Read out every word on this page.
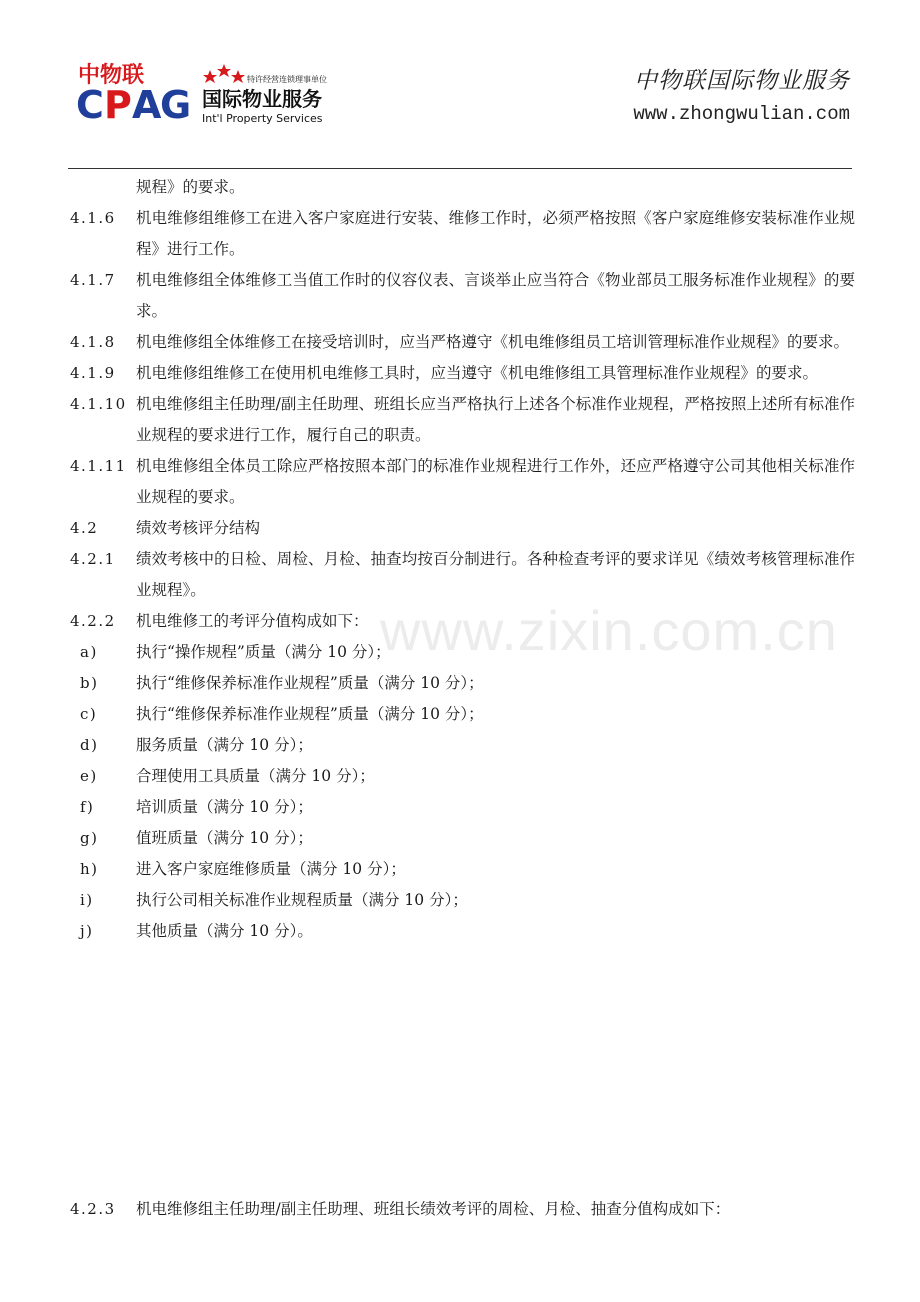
中物联	特许经营连锁理事单位
C P A
G 国际物业服务
Int'l Property Services
中物联国际物业服务
www.zhongwulian.com
www.zixin.com.cn
规程》的要求。
4.1.6	机电维修组维修工在进入客户家庭进行安装、维修工作时，必须严格按照《客户家庭维修安装标准作业规程》进行工作。
4.1.7	机电维修组全体维修工当值工作时的仪容仪表、言谈举止应当符合《物业部员工服务标准作业规程》的要求。
4.1.8	机电维修组全体维修工在接受培训时，应当严格遵守《机电维修组员工培训管理标准作业规程》的要求。
4.1.9	机电维修组维修工在使用机电维修工具时，应当遵守《机电维修组工具管理标准作业规程》的要求。
4.1.10 机电维修组主任助理/副主任助理、班组长应当严格执行上述各个标准作业规程，严格按照上述所有标准作业规程的要求进行工作，履行自己的职责。
4.1.11 机电维修组全体员工除应严格按照本部门的标准作业规程进行工作外，还应严格遵守公司其他相关标准作业规程的要求。
4.2	绩效考核评分结构
4.2.1	绩效考核中的日检、周检、月检、抽查均按百分制进行。各种检查考评的要求详见《绩效考核管理标准作业规程》。
4.2.2	机电维修工的考评分值构成如下：
a)	执行“操作规程”质量（满分 10 分）；
b)	执行“维修保养标准作业规程”质量（满分 10 分）；
c)	执行“维修保养标准作业规程”质量（满分 10 分）；
d)	服务质量（满分 10 分）；
e)	合理使用工具质量（满分 10 分）；
f)	培训质量（满分 10 分）；
g)	值班质量（满分 10 分）；
h)	进入客户家庭维修质量（满分 10 分）；
i)	执行公司相关标准作业规程质量（满分 10 分）；
j)	其他质量（满分 10 分）。
4.2.3	机电维修组主任助理/副主任助理、班组长绩效考评的周检、月检、抽查分值构成如下：
